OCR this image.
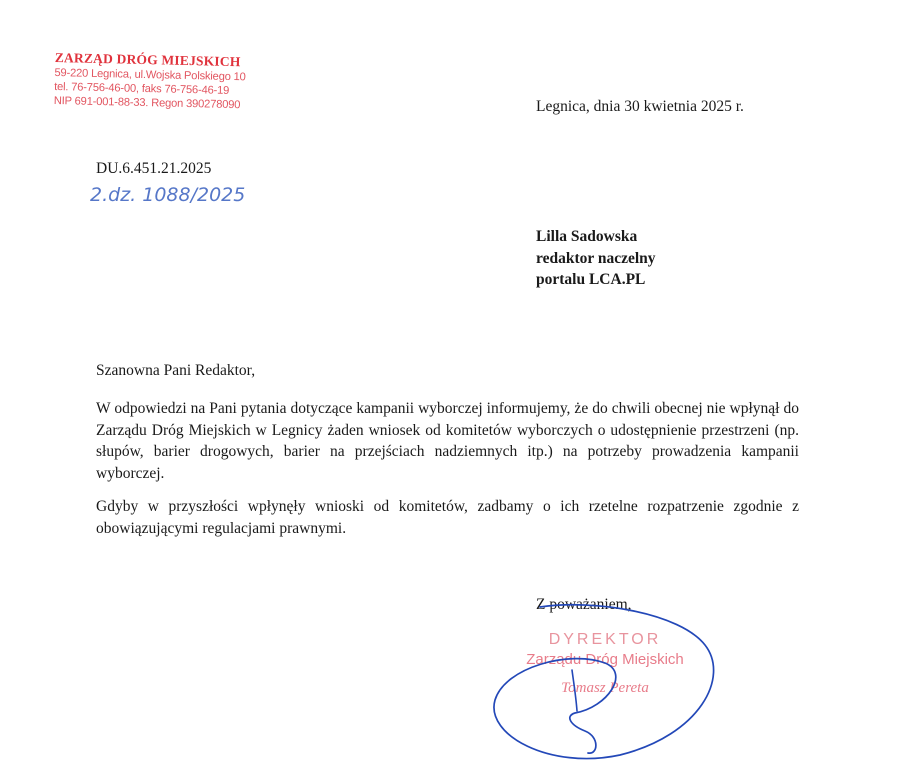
ZARZĄD DRÓG MIEJSKICH
59-220 Legnica, ul.Wojska Polskiego 10
tel. 76-756-46-00, faks 76-756-46-19
NIP 691-001-88-33. Regon 390278090	Legnica, dnia 30 kwietnia 2025 r.
DU.6.451.21.2025
2.dz. 1088/2025
Lilla Sadowska
redaktor naczelny
portalu LCA.PL
Szanowna Pani Redaktor,

W odpowiedzi na Pani pytania dotyczące kampanii wyborczej informujemy, że do chwili obecnej nie wpłynął do Zarządu Dróg Miejskich w Legnicy żaden wniosek od komitetów wyborczych o udostępnienie przestrzeni (np. słupów, barier drogowych, barier na przejściach nadziemnych itp.) na potrzeby prowadzenia kampanii wyborczej.

Gdyby w przyszłości wpłynęły wnioski od komitetów, zadbamy o ich rzetelne rozpatrzenie zgodnie z obowiązującymi regulacjami prawnymi.

Z poważaniem,
DYREKTOR
Zarządu Dróg Miejskich
Tomasz Pereta
